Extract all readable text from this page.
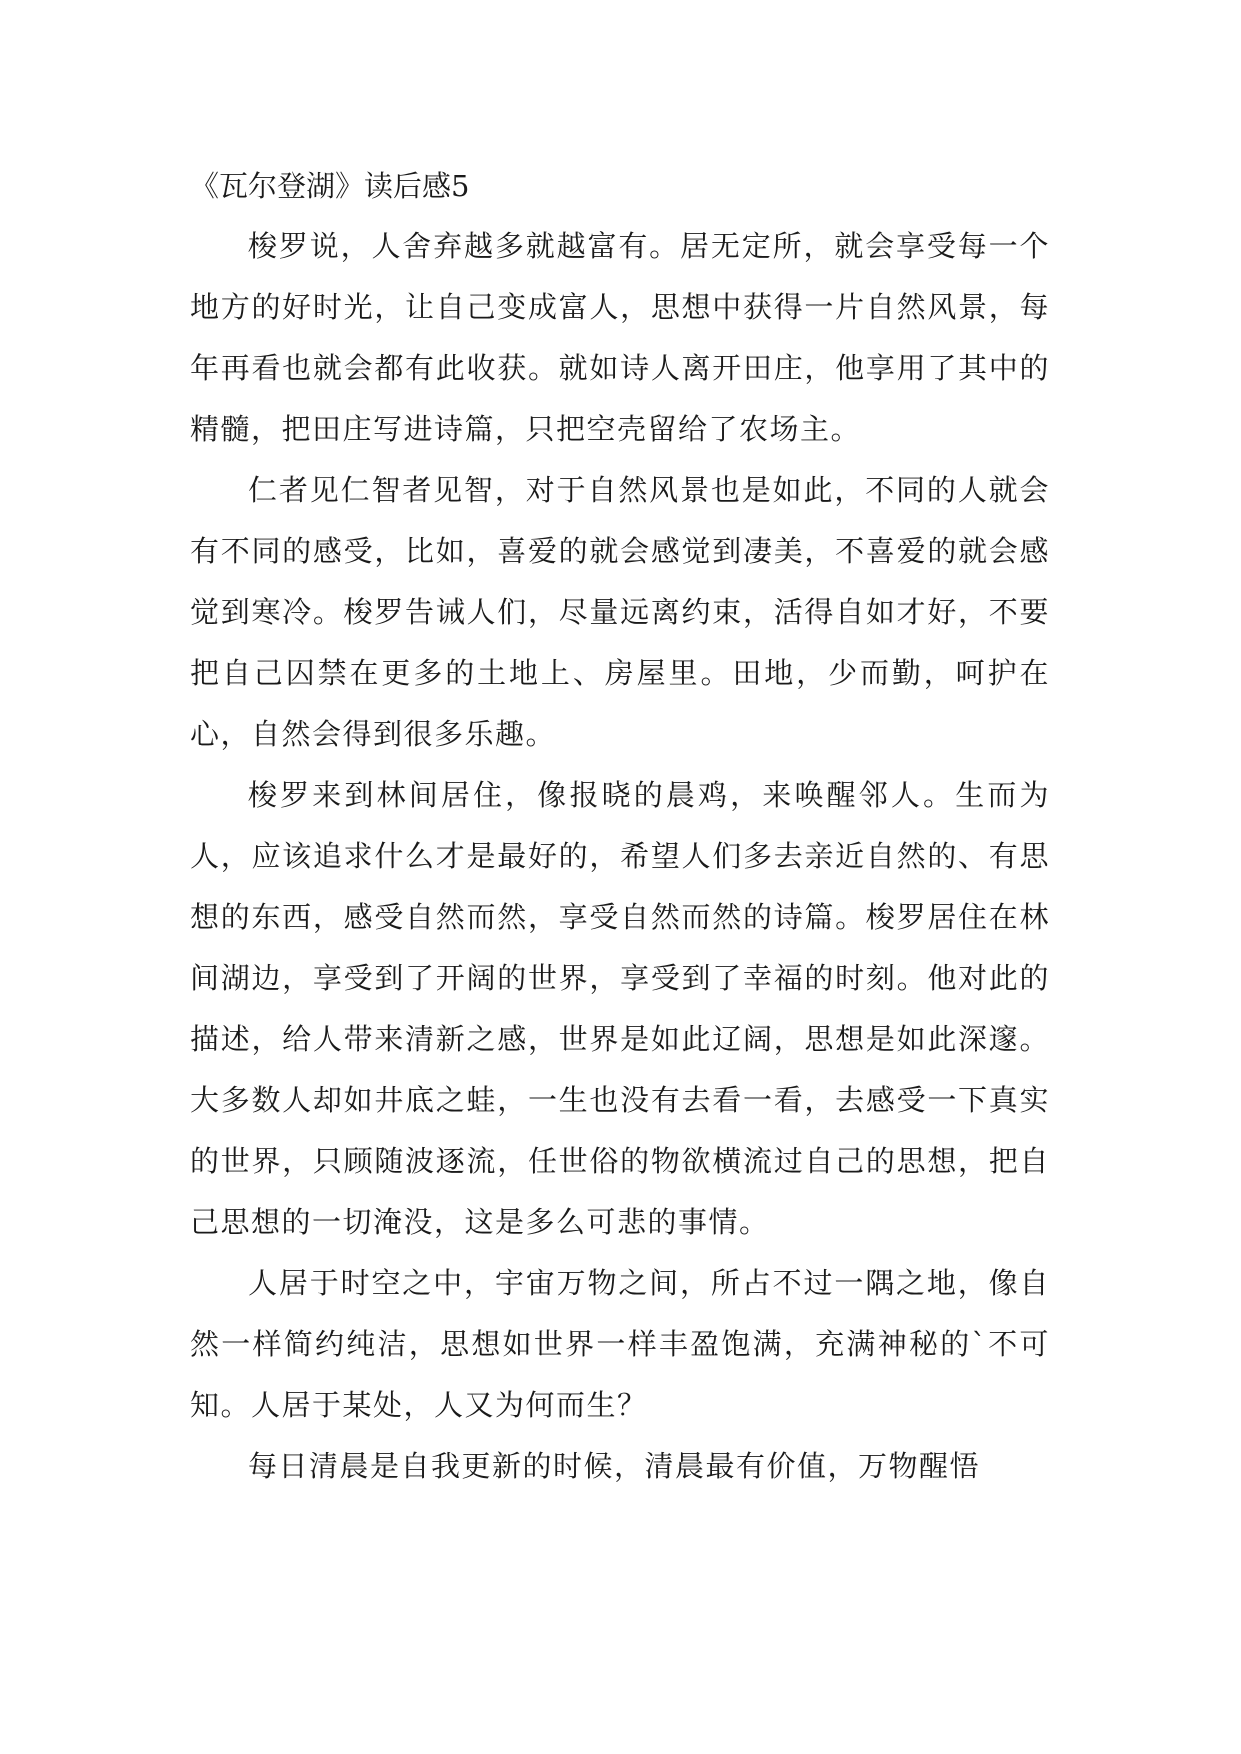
《瓦尔登湖》读后感5

梭罗说，人舍弃越多就越富有。居无定所，就会享受每一个地方的好时光，让自己变成富人，思想中获得一片自然风景，每年再看也就会都有此收获。就如诗人离开田庄，他享用了其中的精髓，把田庄写进诗篇，只把空壳留给了农场主。

仁者见仁智者见智，对于自然风景也是如此，不同的人就会有不同的感受，比如，喜爱的就会感觉到凄美，不喜爱的就会感觉到寒冷。梭罗告诫人们，尽量远离约束，活得自如才好，不要把自己囚禁在更多的土地上、房屋里。田地，少而勤，呵护在心，自然会得到很多乐趣。

梭罗来到林间居住，像报晓的晨鸡，来唤醒邻人。生而为人，应该追求什么才是最好的，希望人们多去亲近自然的、有思想的东西，感受自然而然，享受自然而然的诗篇。梭罗居住在林间湖边，享受到了开阔的世界，享受到了幸福的时刻。他对此的描述，给人带来清新之感，世界是如此辽阔，思想是如此深邃。大多数人却如井底之蛙，一生也没有去看一看，去感受一下真实的世界，只顾随波逐流，任世俗的物欲横流过自己的思想，把自己思想的一切淹没，这是多么可悲的事情。

人居于时空之中，宇宙万物之间，所占不过一隅之地，像自然一样简约纯洁，思想如世界一样丰盈饱满，充满神秘的`不可知。人居于某处，人又为何而生？

每日清晨是自我更新的时候，清晨最有价值，万物醒悟
